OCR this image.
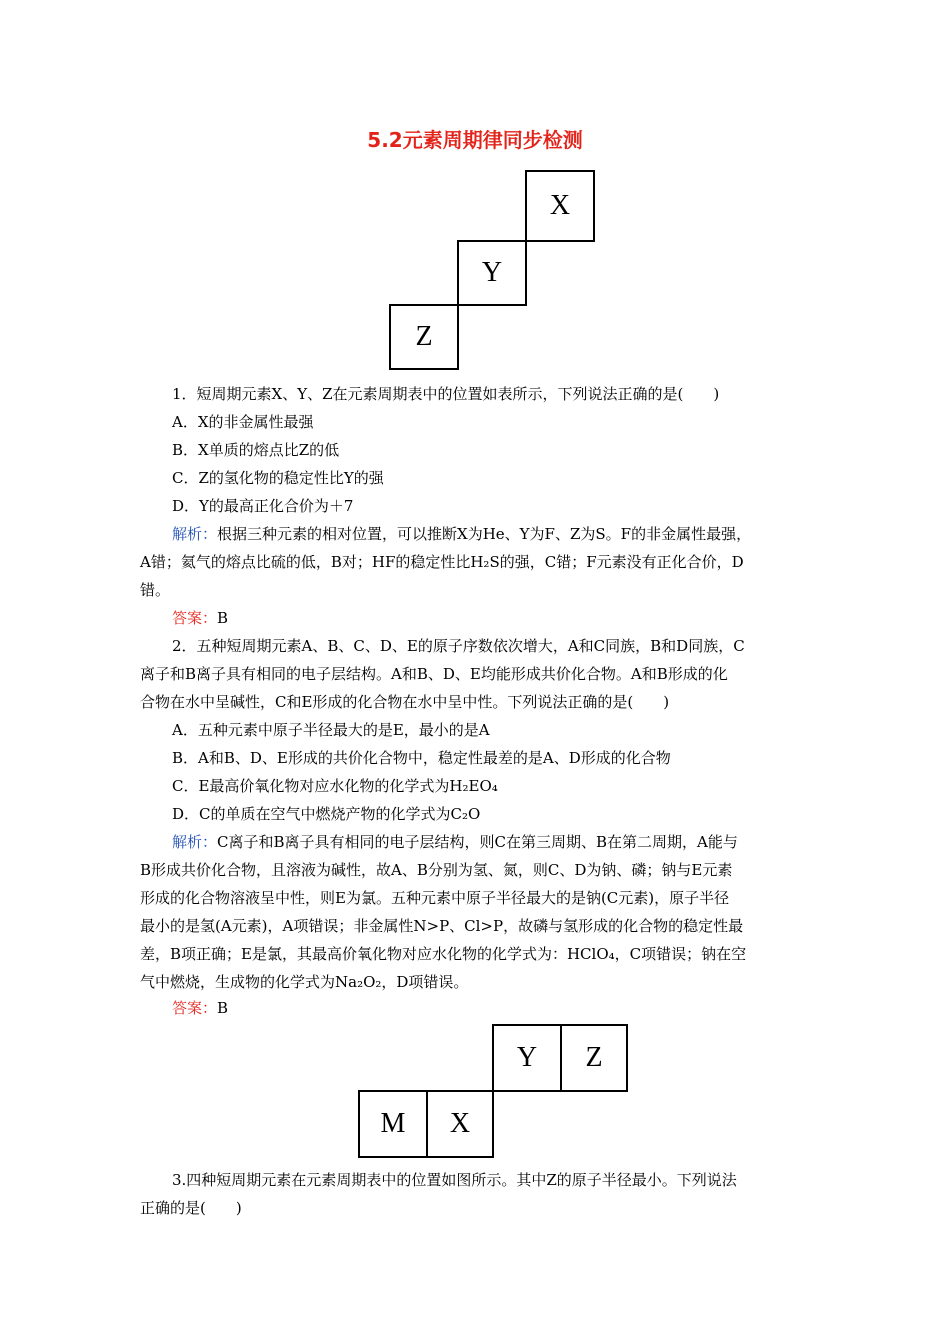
5.2元素周期律同步检测
X
Y
Z
1．短周期元素X、Y、Z在元素周期表中的位置如表所示，下列说法正确的是(　　)
A．X的非金属性最强
B．X单质的熔点比Z的低
C．Z的氢化物的稳定性比Y的强
D．Y的最高正化合价为＋7
解析：根据三种元素的相对位置，可以推断X为He、Y为F、Z为S。F的非金属性最强，
A错；氦气的熔点比硫的低，B对；HF的稳定性比H₂S的强，C错；F元素没有正化合价，D
错。
答案：B
2．五种短周期元素A、B、C、D、E的原子序数依次增大，A和C同族，B和D同族，C
离子和B离子具有相同的电子层结构。A和B、D、E均能形成共价化合物。A和B形成的化
合物在水中呈碱性，C和E形成的化合物在水中呈中性。下列说法正确的是(　　)
A．五种元素中原子半径最大的是E，最小的是A
B．A和B、D、E形成的共价化合物中，稳定性最差的是A、D形成的化合物
C．E最高价氧化物对应水化物的化学式为H₂EO₄
D．C的单质在空气中燃烧产物的化学式为C₂O
解析：C离子和B离子具有相同的电子层结构，则C在第三周期、B在第二周期，A能与
B形成共价化合物，且溶液为碱性，故A、B分别为氢、氮，则C、D为钠、磷；钠与E元素
形成的化合物溶液呈中性，则E为氯。五种元素中原子半径最大的是钠(C元素)，原子半径
最小的是氢(A元素)，A项错误；非金属性N>P、Cl>P，故磷与氢形成的化合物的稳定性最
差，B项正确；E是氯，其最高价氧化物对应水化物的化学式为：HClO₄，C项错误；钠在空
气中燃烧，生成物的化学式为Na₂O₂，D项错误。
答案：B
Y	Z
M	X
3.四种短周期元素在元素周期表中的位置如图所示。其中Z的原子半径最小。下列说法
正确的是(　　)
